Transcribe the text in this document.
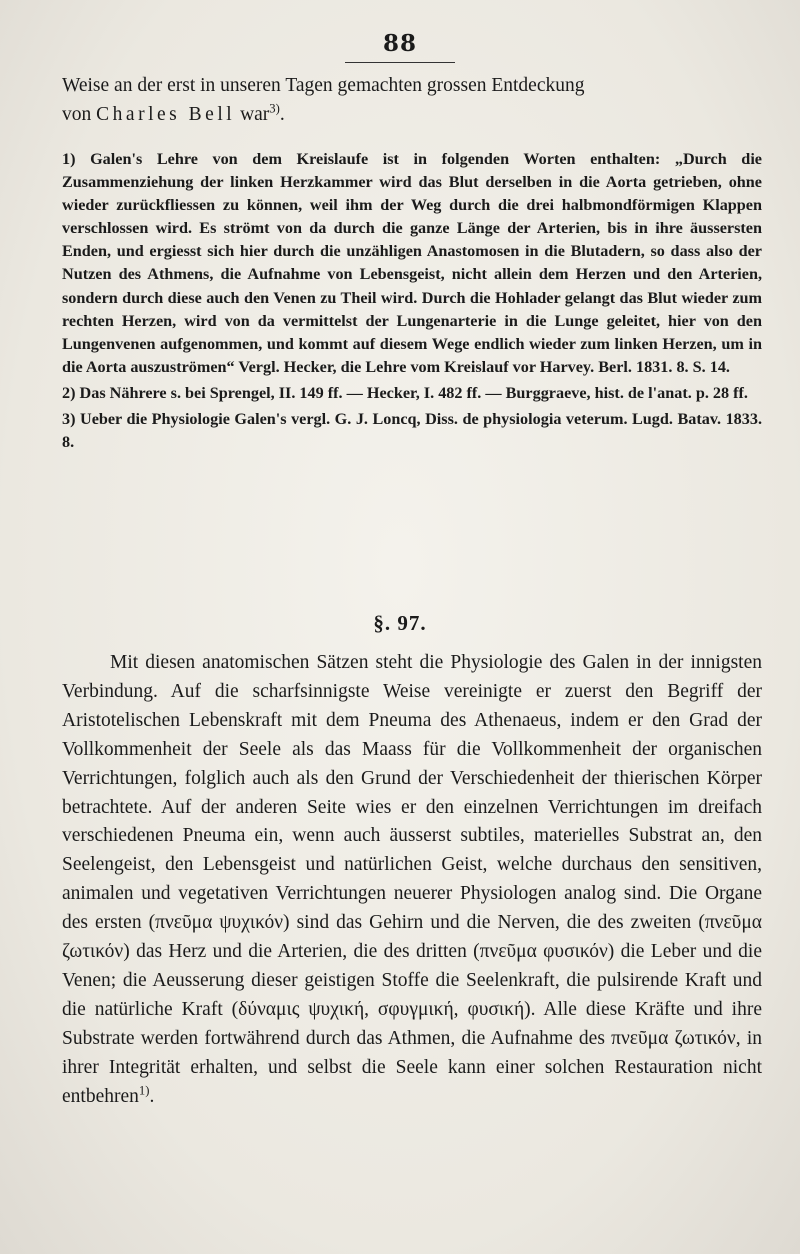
88

Weise an der erst in unseren Tagen gemachten grossen Entdeckung

von Charles Bell war$^{3)}$.

1) Galen's Lehre von dem Kreislaufe ist in folgenden Worten enthalten: „Durch die Zusammenziehung der linken Herzkammer wird das Blut derselben in die Aorta getrieben, ohne wieder zurückfliessen zu können, weil ihm der Weg durch die drei halbmondförmigen Klappen verschlossen wird. Es strömt von da durch die ganze Länge der Arterien, bis in ihre äussersten Enden, und ergiesst sich hier durch die unzähligen Anastomosen in die Blutadern, so dass also der Nutzen des Athmens, die Aufnahme von Lebensgeist, nicht allein dem Herzen und den Arterien, sondern durch diese auch den Venen zu Theil wird. Durch die Hohlader gelangt das Blut wieder zum rechten Herzen, wird von da vermittelst der Lungenarterie in die Lunge geleitet, hier von den Lungenvenen aufgenommen, und kommt auf diesem Wege endlich wieder zum linken Herzen, um in die Aorta auszuströmen“ Vergl. Hecker, die Lehre vom Kreislauf vor Harvey. Berl. 1831. 8. S. 14.
2) Das Nährere s. bei Sprengel, II. 149 ff. — Hecker, I. 482 ff. — Burggraeve, hist. de l'anat. p. 28 ff.
3) Ueber die Physiologie Galen's vergl. G. J. Loncq, Diss. de physiologia veterum. Lugd. Batav. 1833. 8.
§. 97.

Mit diesen anatomischen Sätzen steht die Physiologie des Galen in der innigsten Verbindung. Auf die scharfsinnigste Weise vereinigte er zuerst den Begriff der Aristotelischen Lebenskraft mit dem Pneuma des Athenaeus, indem er den Grad der Vollkommenheit der Seele als das Maass für die Vollkommenheit der organischen Verrichtungen, folglich auch als den Grund der Verschiedenheit der thierischen Körper betrachtete. Auf der anderen Seite wies er den einzelnen Verrichtungen im dreifach verschiedenen Pneuma ein, wenn auch äusserst subtiles, materielles Substrat an, den Seelengeist, den Lebensgeist und natürlichen Geist, welche durchaus den sensitiven, animalen und vegetativen Verrichtungen neuerer Physiologen analog sind. Die Organe des ersten (πνεῦμα ψυχικόν) sind das Gehirn und die Nerven, die des zweiten (πνεῦμα ζωτικόν) das Herz und die Arterien, die des dritten (πνεῦμα φυσικόν) die Leber und die Venen; die Aeusserung dieser geistigen Stoffe die Seelenkraft, die pulsirende Kraft und die natürliche Kraft (δύναμις ψυχική, σφυγμική, φυσική). Alle diese Kräfte und ihre Substrate werden fortwährend durch das Athmen, die Aufnahme des πνεῦμα ζωτικόν, in ihrer Integrität erhalten, und selbst die Seele kann einer solchen Restauration nicht entbehren$^{1)}$.
